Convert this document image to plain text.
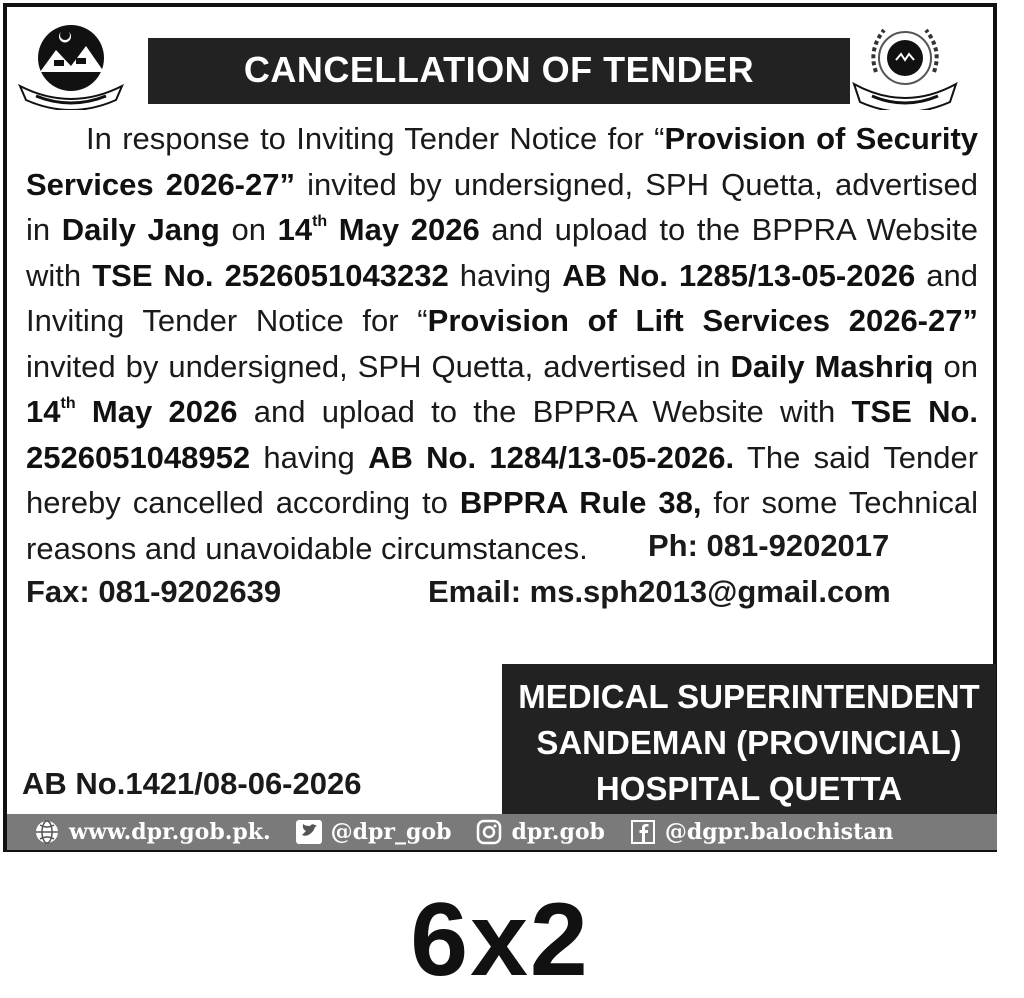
CANCELLATION OF TENDER
In response to Inviting Tender Notice for “Provision of Security Services 2026-27” invited by undersigned, SPH Quetta, advertised in Daily Jang on 14th May 2026 and upload to the BPPRA Website with TSE No. 2526051043232 having AB No. 1285/13-05-2026 and Inviting Tender Notice for “Provision of Lift Services 2026-27” invited by undersigned, SPH Quetta, advertised in Daily Mashriq on 14th May 2026 and upload to the BPPRA Website with TSE No. 2526051048952 having AB No. 1284/13-05-2026. The said Tender hereby cancelled according to BPPRA Rule 38, for some Technical reasons and unavoidable circumstances.	Ph: 081-9202017
Fax: 081-9202639	Email: ms.sph2013@gmail.com
MEDICAL SUPERINTENDENT
SANDEMAN (PROVINCIAL)
HOSPITAL QUETTA
AB No.1421/08-06-2026
www.dpr.gob.pk.	@dpr_gob	dpr.gob	@dgpr.balochistan
6x2
